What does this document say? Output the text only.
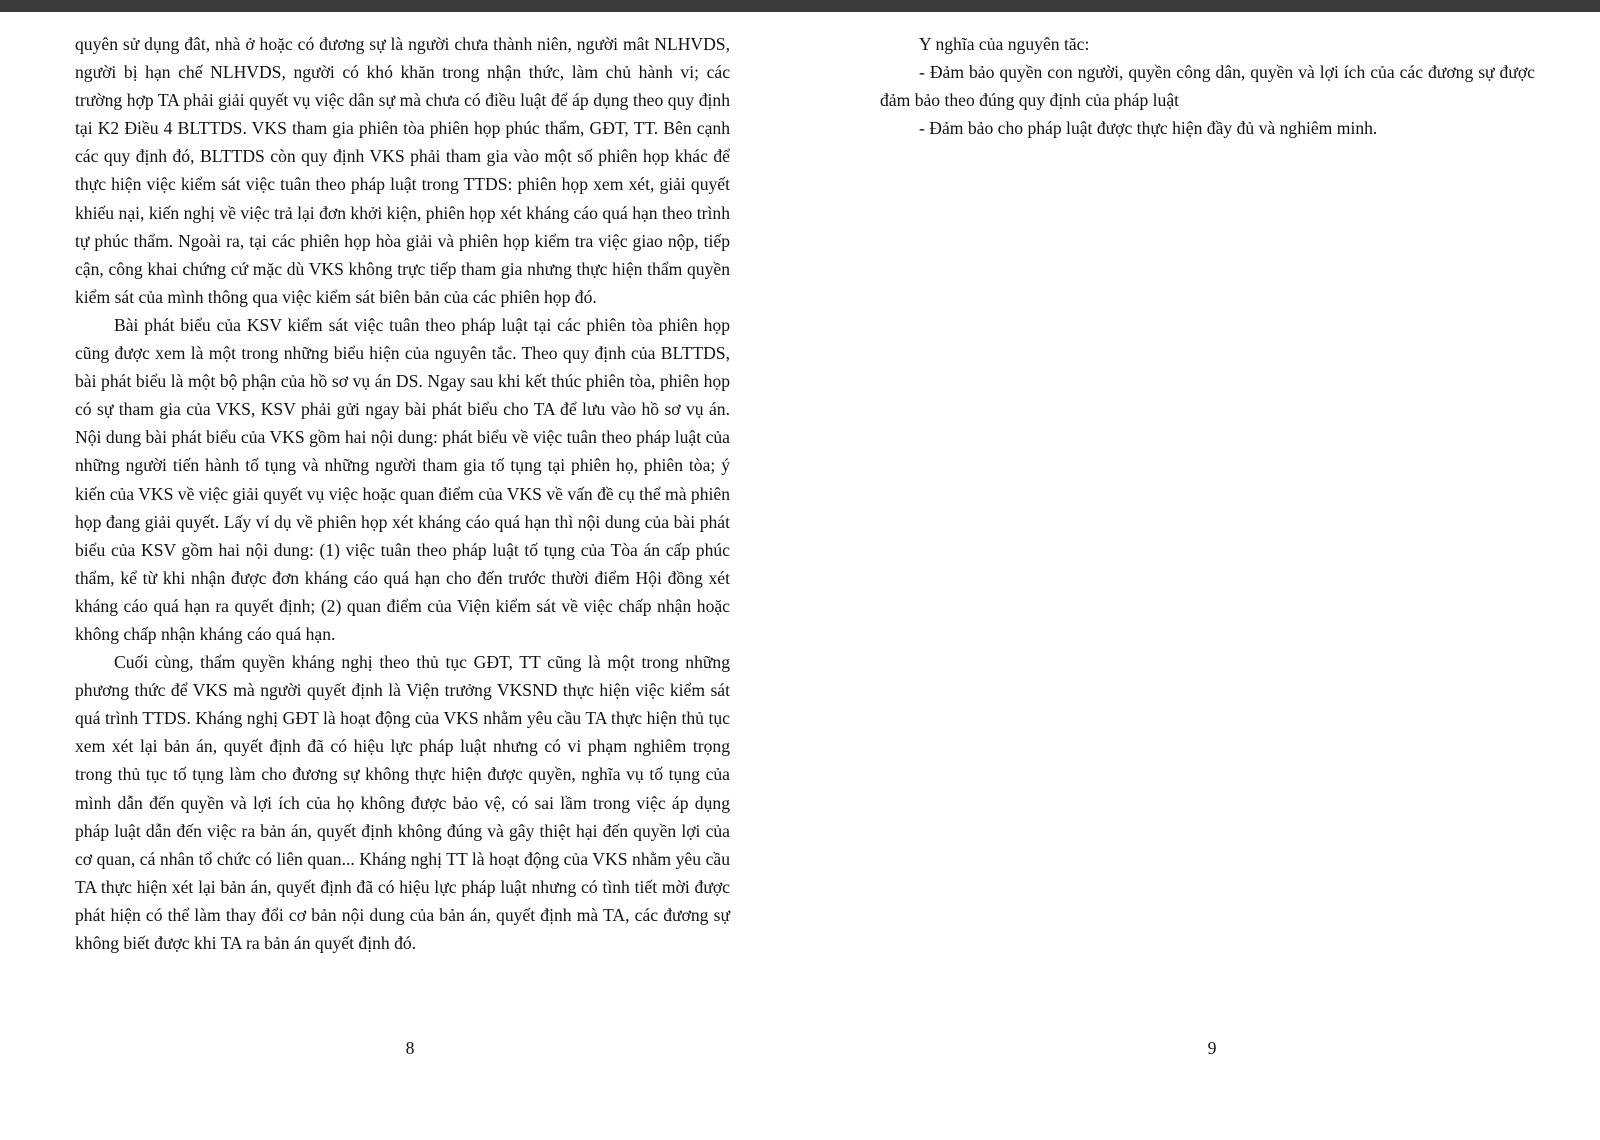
quyên sử dụng đât, nhà ở hoặc có đương sự là người chưa thành niên, người mât NLHVDS, người bị hạn chế NLHVDS, người có khó khăn trong nhận thức, làm chủ hành vi; các trường hợp TA phải giải quyết vụ việc dân sự mà chưa có điều luật để áp dụng theo quy định tại K2 Điều 4 BLTTDS. VKS tham gia phiên tòa phiên họp phúc thẩm, GĐT, TT. Bên cạnh các quy định đó, BLTTDS còn quy định VKS phải tham gia vào một số phiên họp khác để thực hiện việc kiểm sát việc tuân theo pháp luật trong TTDS: phiên họp xem xét, giải quyết khiếu nại, kiến nghị về việc trả lại đơn khởi kiện, phiên họp xét kháng cáo quá hạn theo trình tự phúc thẩm. Ngoài ra, tại các phiên họp hòa giải và phiên họp kiểm tra việc giao nộp, tiếp cận, công khai chứng cứ mặc dù VKS không trực tiếp tham gia nhưng thực hiện thẩm quyền kiểm sát của mình thông qua việc kiểm sát biên bản của các phiên họp đó.

Bài phát biểu của KSV kiểm sát việc tuân theo pháp luật tại các phiên tòa phiên họp cũng được xem là một trong những biểu hiện của nguyên tắc. Theo quy định của BLTTDS, bài phát biểu là một bộ phận của hồ sơ vụ án DS. Ngay sau khi kết thúc phiên tòa, phiên họp có sự tham gia của VKS, KSV phải gửi ngay bài phát biểu cho TA để lưu vào hồ sơ vụ án. Nội dung bài phát biểu của VKS gồm hai nội dung: phát biểu về việc tuân theo pháp luật của những người tiến hành tố tụng và những người tham gia tố tụng tại phiên họ, phiên tòa; ý kiến của VKS về việc giải quyết vụ việc hoặc quan điểm của VKS về vấn đề cụ thể mà phiên họp đang giải quyết. Lấy ví dụ về phiên họp xét kháng cáo quá hạn thì nội dung của bài phát biểu của KSV gồm hai nội dung: (1) việc tuân theo pháp luật tố tụng của Tòa án cấp phúc thẩm, kể từ khi nhận được đơn kháng cáo quá hạn cho đến trước thười điểm Hội đồng xét kháng cáo quá hạn ra quyết định; (2) quan điểm của Viện kiểm sát về việc chấp nhận hoặc không chấp nhận kháng cáo quá hạn.

Cuối cùng, thẩm quyền kháng nghị theo thủ tục GĐT, TT cũng là một trong những phương thức để VKS mà người quyết định là Viện trưởng VKSND thực hiện việc kiểm sát quá trình TTDS. Kháng nghị GĐT là hoạt động của VKS nhằm yêu cầu TA thực hiện thủ tục xem xét lại bản án, quyết định đã có hiệu lực pháp luật nhưng có vi phạm nghiêm trọng trong thủ tục tố tụng làm cho đương sự không thực hiện được quyền, nghĩa vụ tố tụng của mình dẫn đến quyền và lợi ích của họ không được bảo vệ, có sai lầm trong việc áp dụng pháp luật dẫn đến việc ra bản án, quyết định không đúng và gây thiệt hại đến quyền lợi của cơ quan, cá nhân tổ chức có liên quan... Kháng nghị TT là hoạt động của VKS nhằm yêu cầu TA thực hiện xét lại bản án, quyết định đã có hiệu lực pháp luật nhưng có tình tiết mời được phát hiện có thể làm thay đổi cơ bản nội dung của bản án, quyết định mà TA, các đương sự không biết được khi TA ra bản án quyết định đó.

8

Y nghĩa của nguyên tăc:

- Đảm bảo quyền con người, quyền công dân, quyền và lợi ích của các đương sự được đảm bảo theo đúng quy định của pháp luật

- Đảm bảo cho pháp luật được thực hiện đầy đủ và nghiêm minh.

9
